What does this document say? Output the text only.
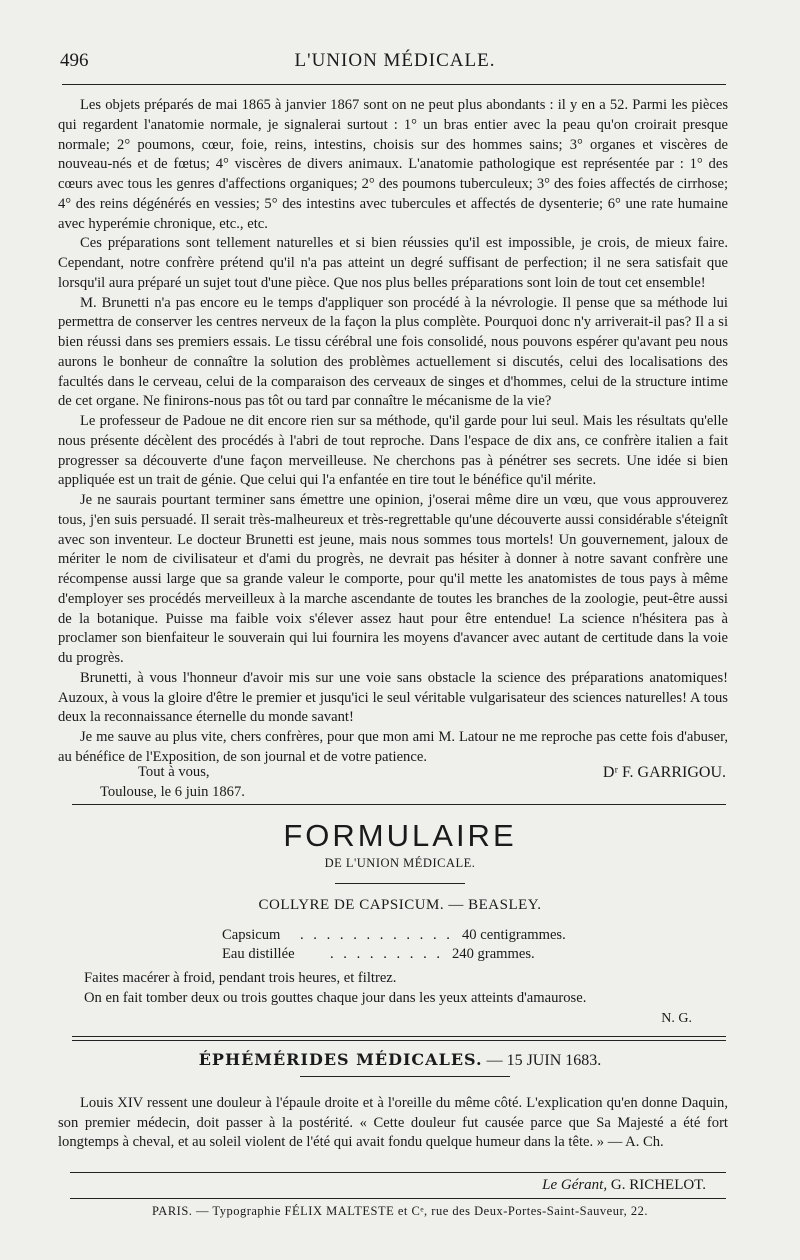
496	L'UNION MÉDICALE.

Les objets préparés de mai 1865 à janvier 1867 sont on ne peut plus abondants : il y en a 52. Parmi les pièces qui regardent l'anatomie normale, je signalerai surtout : 1° un bras entier avec la peau qu'on croirait presque normale; 2° poumons, cœur, foie, reins, intestins, choisis sur des hommes sains; 3° organes et viscères de nouveau-nés et de fœtus; 4° viscères de divers animaux. L'anatomie pathologique est représentée par : 1° des cœurs avec tous les genres d'affections organiques; 2° des poumons tuberculeux; 3° des foies affectés de cirrhose; 4° des reins dégénérés en vessies; 5° des intestins avec tubercules et affectés de dysenterie; 6° une rate humaine avec hyperémie chronique, etc., etc.

Ces préparations sont tellement naturelles et si bien réussies qu'il est impossible, je crois, de mieux faire. Cependant, notre confrère prétend qu'il n'a pas atteint un degré suffisant de perfection; il ne sera satisfait que lorsqu'il aura préparé un sujet tout d'une pièce. Que nos plus belles préparations sont loin de tout cet ensemble!

M. Brunetti n'a pas encore eu le temps d'appliquer son procédé à la névrologie. Il pense que sa méthode lui permettra de conserver les centres nerveux de la façon la plus complète. Pourquoi donc n'y arriverait-il pas? Il a si bien réussi dans ses premiers essais. Le tissu cérébral une fois consolidé, nous pouvons espérer qu'avant peu nous aurons le bonheur de connaître la solution des problèmes actuellement si discutés, celui des localisations des facultés dans le cerveau, celui de la comparaison des cerveaux de singes et d'hommes, celui de la structure intime de cet organe. Ne finirons-nous pas tôt ou tard par connaître le mécanisme de la vie?

Le professeur de Padoue ne dit encore rien sur sa méthode, qu'il garde pour lui seul. Mais les résultats qu'elle nous présente décèlent des procédés à l'abri de tout reproche. Dans l'espace de dix ans, ce confrère italien a fait progresser sa découverte d'une façon merveilleuse. Ne cherchons pas à pénétrer ses secrets. Une idée si bien appliquée est un trait de génie. Que celui qui l'a enfantée en tire tout le bénéfice qu'il mérite.

Je ne saurais pourtant terminer sans émettre une opinion, j'oserai même dire un vœu, que vous approuverez tous, j'en suis persuadé. Il serait très-malheureux et très-regrettable qu'une découverte aussi considérable s'éteignît avec son inventeur. Le docteur Brunetti est jeune, mais nous sommes tous mortels! Un gouvernement, jaloux de mériter le nom de civilisateur et d'ami du progrès, ne devrait pas hésiter à donner à notre savant confrère une récompense aussi large que sa grande valeur le comporte, pour qu'il mette les anatomistes de tous pays à même d'employer ses procédés merveilleux à la marche ascendante de toutes les branches de la zoologie, peut-être aussi de la botanique. Puisse ma faible voix s'élever assez haut pour être entendue! La science n'hésitera pas à proclamer son bienfaiteur le souverain qui lui fournira les moyens d'avancer avec autant de certitude dans la voie du progrès.

Brunetti, à vous l'honneur d'avoir mis sur une voie sans obstacle la science des préparations anatomiques! Auzoux, à vous la gloire d'être le premier et jusqu'ici le seul véritable vulgarisateur des sciences naturelles! A tous deux la reconnaissance éternelle du monde savant!

Je me sauve au plus vite, chers confrères, pour que mon ami M. Latour ne me reproche pas cette fois d'abuser, au bénéfice de l'Exposition, de son journal et de votre patience.

Tout à vous,	Dʳ F. GARRIGOU.
Toulouse, le 6 juin 1867.
FORMULAIRE
DE L'UNION MÉDICALE.
COLLYRE DE CAPSICUM. — BEASLEY.
Capsicum . . . . . . . . . . . . 40 centigrammes.
Eau distillée . . . . . . . . . 240 grammes.
Faites macérer à froid, pendant trois heures, et filtrez.
On en fait tomber deux ou trois gouttes chaque jour dans les yeux atteints d'amaurose.
N. G.
ÉPHÉMÉRIDES MÉDICALES. — 15 JUIN 1683.

Louis XIV ressent une douleur à l'épaule droite et à l'oreille du même côté. L'explication qu'en donne Daquin, son premier médecin, doit passer à la postérité. « Cette douleur fut causée parce que Sa Majesté a été fort longtemps à cheval, et au soleil violent de l'été qui avait fondu quelque humeur dans la tête. » — A. Ch.

Le Gérant, G. RICHELOT.
PARIS. — Typographie FÉLIX MALTESTE et Cᵉ, rue des Deux-Portes-Saint-Sauveur, 22.
